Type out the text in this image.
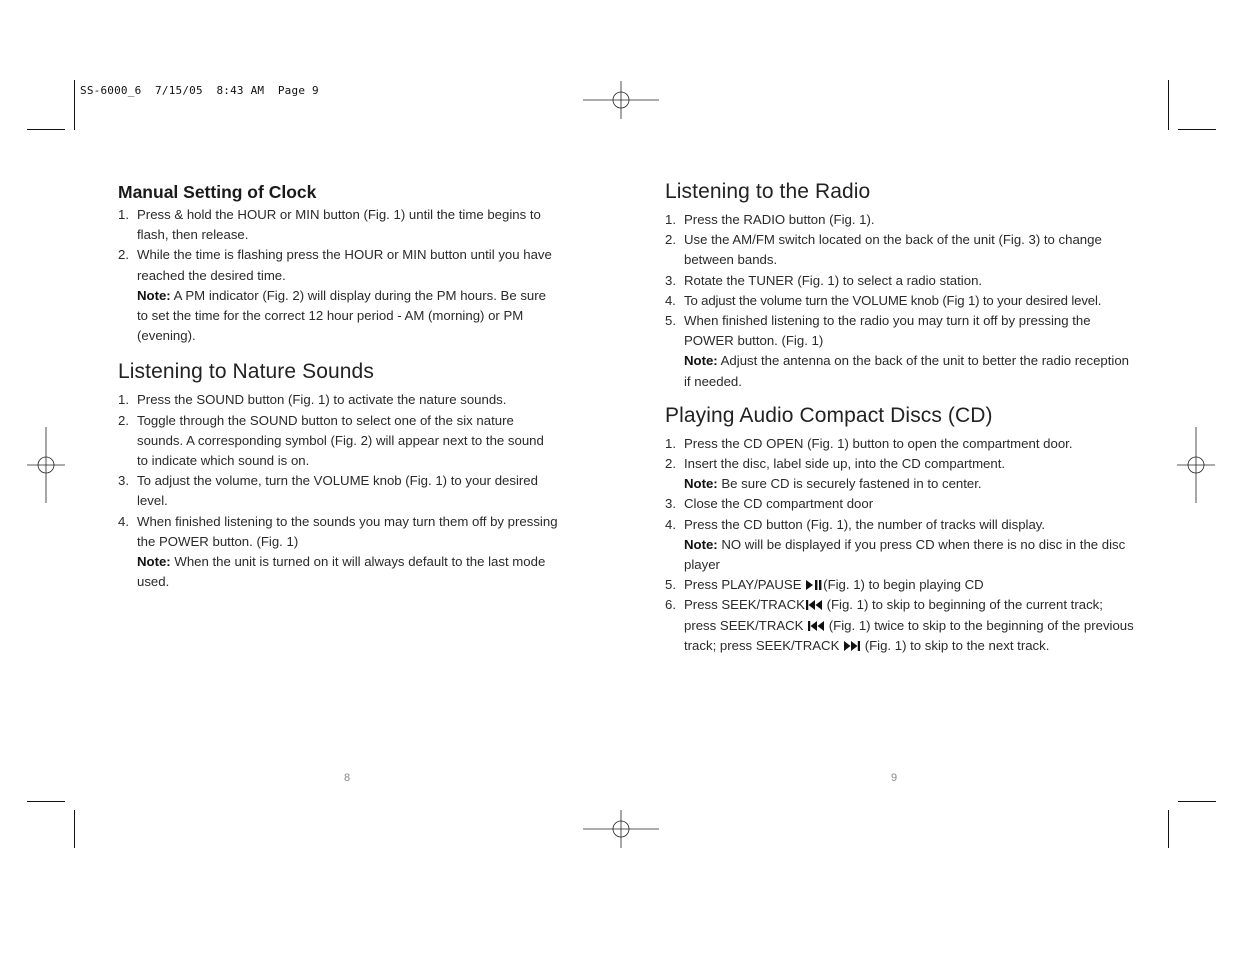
SS-6000_6  7/15/05  8:43 AM  Page 9
Manual Setting of Clock
1. Press & hold the HOUR or MIN button (Fig. 1) until the time begins to flash, then release.
2. While the time is flashing press the HOUR or MIN button until you have reached the desired time.
Note: A PM indicator (Fig. 2) will display during the PM hours. Be sure to set the time for the correct 12 hour period - AM (morning) or PM (evening).
Listening to Nature Sounds
1. Press the SOUND button (Fig. 1) to activate the nature sounds.
2. Toggle through the SOUND button to select one of the six nature sounds. A corresponding symbol (Fig. 2) will appear next to the sound to indicate which sound is on.
3. To adjust the volume, turn the VOLUME knob (Fig. 1) to your desired level.
4. When finished listening to the sounds you may turn them off by pressing the POWER button. (Fig. 1)
Note: When the unit is turned on it will always default to the last mode used.
8
Listening to the Radio
1. Press the RADIO button (Fig. 1).
2. Use the AM/FM switch located on the back of the unit (Fig. 3) to change between bands.
3. Rotate the TUNER (Fig. 1) to select a radio station.
4. To adjust the volume turn the VOLUME knob (Fig 1) to your desired level.
5. When finished listening to the radio you may turn it off by pressing the POWER button. (Fig. 1)
Note: Adjust the antenna on the back of the unit to better the radio reception if needed.
Playing Audio Compact Discs (CD)
1. Press the CD OPEN (Fig. 1) button to open the compartment door.
2. Insert the disc, label side up, into the CD compartment.
Note: Be sure CD is securely fastened in to center.
3. Close the CD compartment door
4. Press the CD button (Fig. 1), the number of tracks will display.
Note: NO will be displayed if you press CD when there is no disc in the disc player
5. Press PLAY/PAUSE (Fig. 1) to begin playing CD
6. Press SEEK/TRACK (Fig. 1) to skip to beginning of the current track; press SEEK/TRACK  (Fig. 1) twice to skip to the beginning of the previous track; press SEEK/TRACK  (Fig. 1) to skip to the next track.
9
